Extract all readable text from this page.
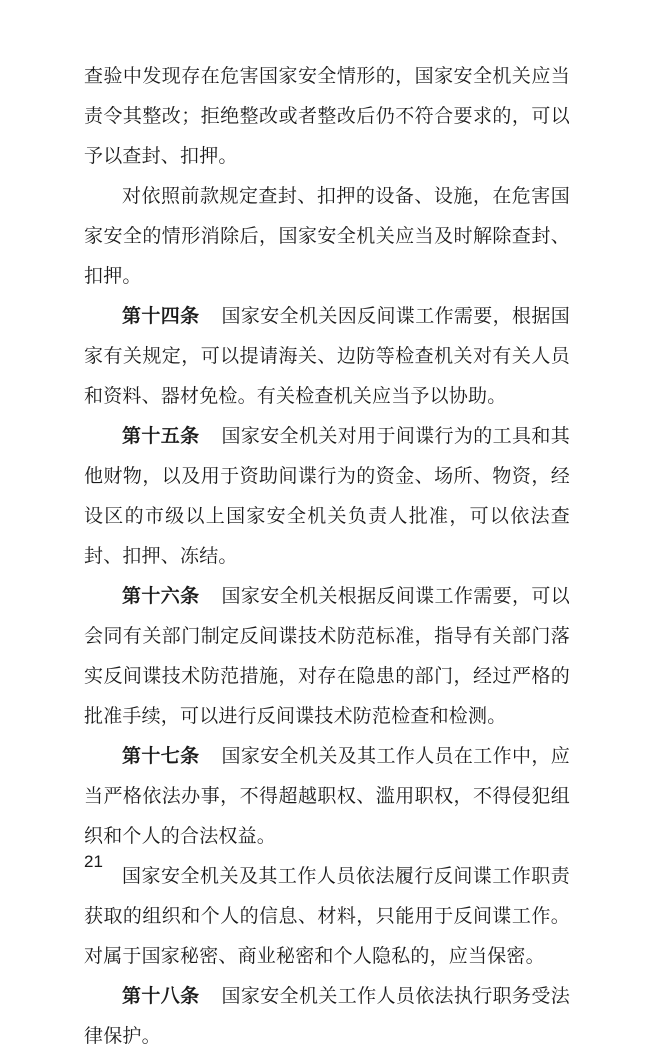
查验中发现存在危害国家安全情形的，国家安全机关应当责令其整改；拒绝整改或者整改后仍不符合要求的，可以予以查封、扣押。

对依照前款规定查封、扣押的设备、设施，在危害国家安全的情形消除后，国家安全机关应当及时解除查封、扣押。

第十四条 国家安全机关因反间谍工作需要，根据国家有关规定，可以提请海关、边防等检查机关对有关人员和资料、器材免检。有关检查机关应当予以协助。

第十五条 国家安全机关对用于间谍行为的工具和其他财物，以及用于资助间谍行为的资金、场所、物资，经设区的市级以上国家安全机关负责人批准，可以依法查封、扣押、冻结。

第十六条 国家安全机关根据反间谍工作需要，可以会同有关部门制定反间谍技术防范标准，指导有关部门落实反间谍技术防范措施，对存在隐患的部门，经过严格的批准手续，可以进行反间谍技术防范检查和检测。

第十七条 国家安全机关及其工作人员在工作中，应当严格依法办事，不得超越职权、滥用职权，不得侵犯组织和个人的合法权益。

国家安全机关及其工作人员依法履行反间谍工作职责获取的组织和个人的信息、材料，只能用于反间谍工作。对属于国家秘密、商业秘密和个人隐私的，应当保密。

第十八条 国家安全机关工作人员依法执行职务受法律保护。

21
